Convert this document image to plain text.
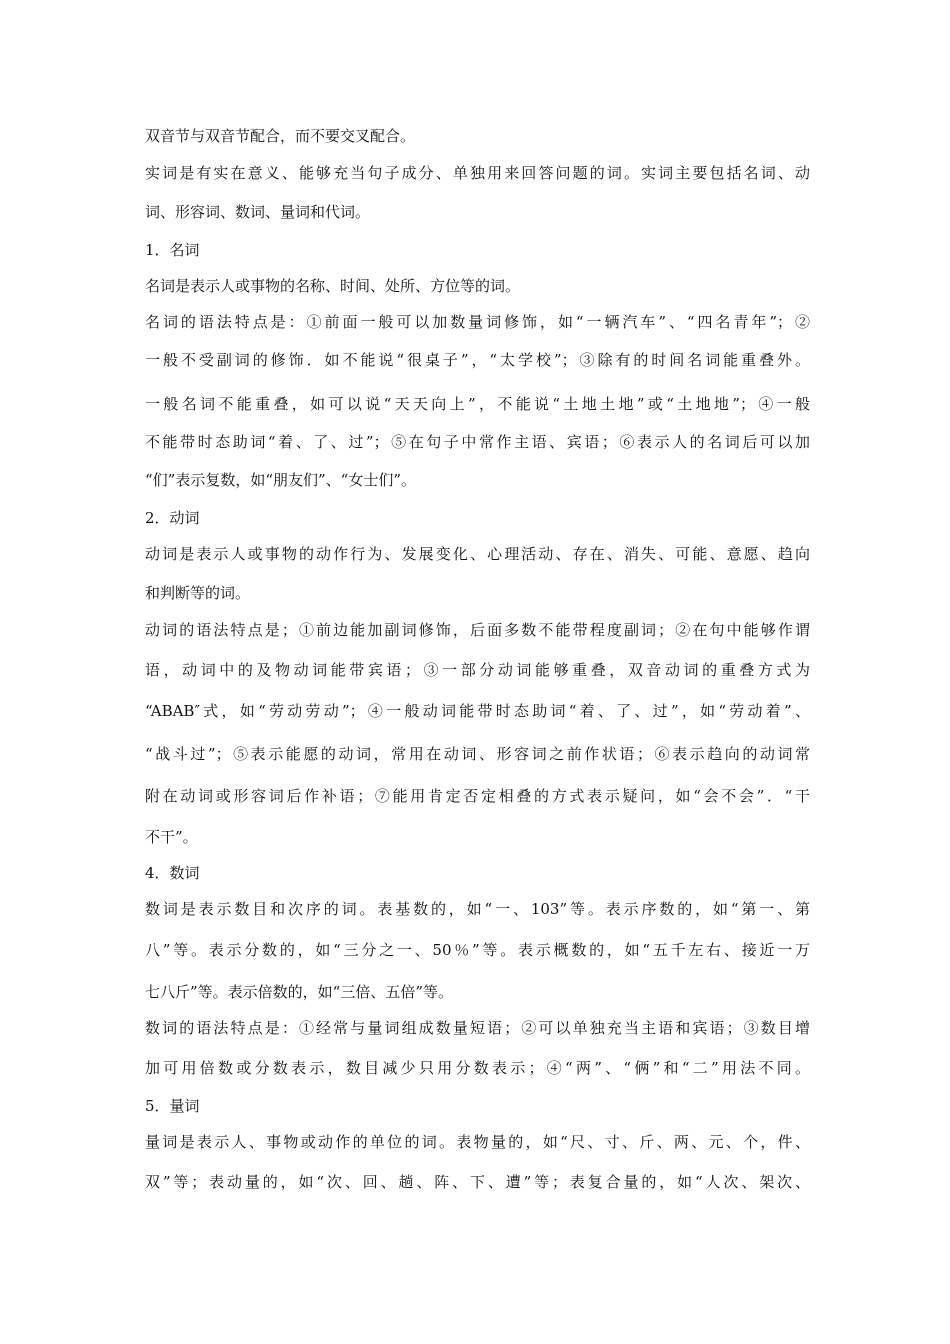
双音节与双音节配合，而不要交叉配合。
实词是有实在意义、能够充当句子成分、单独用来回答问题的词。实词主要包括名词、动
词、形容词、数词、量词和代词。
1．名词
名词是表示人或事物的名称、时间、处所、方位等的词。
名词的语法特点是：①前面一般可以加数量词修饰，如“一辆汽车”、“四名青年”；②
一般不受副词的修饰．如不能说“很桌子”，“太学校”；③除有的时间名词能重叠外。
一般名词不能重叠，如可以说“天天向上”，不能说“土地土地”或“土地地”；④一般
不能带时态助词“着、了、过”；⑤在句子中常作主语、宾语；⑥表示人的名词后可以加
“们”表示复数，如“朋友们”、“女士们”。
2．动词
动词是表示人或事物的动作行为、发展变化、心理活动、存在、消失、可能、意愿、趋向
和判断等的词。
动词的语法特点是；①前边能加副词修饰，后面多数不能带程度副词；②在句中能够作谓
语，动词中的及物动词能带宾语；③一部分动词能够重叠，双音动词的重叠方式为
“ABAB″式，如“劳动劳动”；④一般动词能带时态助词“着、了、过”，如“劳动着”、
“战斗过”；⑤表示能愿的动词，常用在动词、形容词之前作状语；⑥表示趋向的动词常
附在动词或形容词后作补语；⑦能用肯定否定相叠的方式表示疑问，如“会不会”．“干
不干”。
4．数词
数词是表示数目和次序的词。表基数的，如“一、103”等。表示序数的，如“第一、第
八”等。表示分数的，如“三分之一、50％”等。表示概数的，如“五千左右、接近一万
七八斤”等。表示倍数的，如“三倍、五倍”等。
数词的语法特点是：①经常与量词组成数量短语；②可以单独充当主语和宾语；③数目增
加可用倍数或分数表示，数目减少只用分数表示；④“两”、“俩”和“二”用法不同。
5．量词
量词是表示人、事物或动作的单位的词。表物量的，如“尺、寸、斤、两、元、个，件、
双”等；表动量的，如“次、回、趟、阵、下、遭”等；表复合量的，如“人次、架次、
